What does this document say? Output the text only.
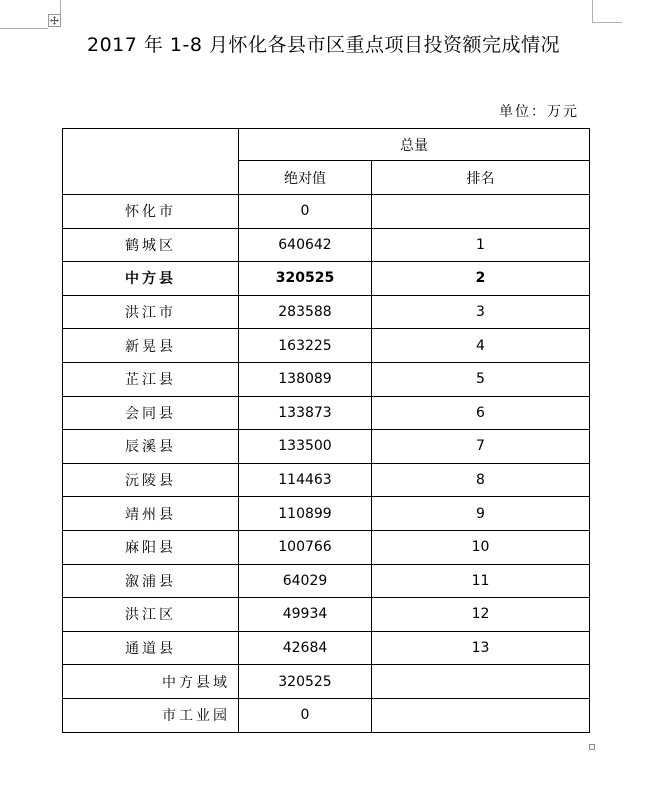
2017 年 1-8 月怀化各县市区重点项目投资额完成情况
单位：万元
	总量	
	绝对值	排名
怀化市	0	
鹤城区	640642	1
中方县	320525	2
洪江市	283588	3
新晃县	163225	4
芷江县	138089	5
会同县	133873	6
辰溪县	133500	7
沅陵县	114463	8
靖州县	110899	9
麻阳县	100766	10
溆浦县	64029	11
洪江区	49934	12
通道县	42684	13
中方县域	320525	
市工业园	0	
